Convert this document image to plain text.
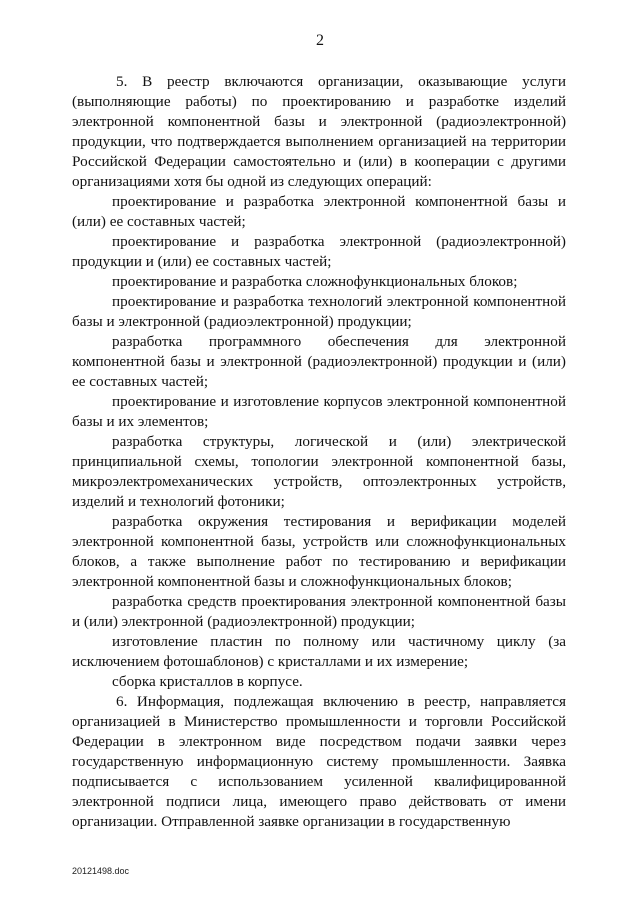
2

5. В реестр включаются организации, оказывающие услуги (выполняющие работы) по проектированию и разработке изделий электронной компонентной базы и электронной (радиоэлектронной) продукции, что подтверждается выполнением организацией на территории Российской Федерации самостоятельно и (или) в кооперации с другими организациями хотя бы одной из следующих операций:

проектирование и разработка электронной компонентной базы и (или) ее составных частей;

проектирование и разработка электронной (радиоэлектронной) продукции и (или) ее составных частей;

проектирование и разработка сложнофункциональных блоков;

проектирование и разработка технологий электронной компонентной базы и электронной (радиоэлектронной) продукции;

разработка программного обеспечения для электронной компонентной базы и электронной (радиоэлектронной) продукции и (или) ее составных частей;

проектирование и изготовление корпусов электронной компонентной базы и их элементов;

разработка структуры, логической и (или) электрической принципиальной схемы, топологии электронной компонентной базы, микроэлектромеханических устройств, оптоэлектронных устройств, изделий и технологий фотоники;

разработка окружения тестирования и верификации моделей электронной компонентной базы, устройств или сложнофункциональных блоков, а также выполнение работ по тестированию и верификации электронной компонентной базы и сложнофункциональных блоков;

разработка средств проектирования электронной компонентной базы и (или) электронной (радиоэлектронной) продукции;

изготовление пластин по полному или частичному циклу (за исключением фотошаблонов) с кристаллами и их измерение;

сборка кристаллов в корпусе.

6. Информация, подлежащая включению в реестр, направляется организацией в Министерство промышленности и торговли Российской Федерации в электронном виде посредством подачи заявки через государственную информационную систему промышленности. Заявка подписывается с использованием усиленной квалифицированной электронной подписи лица, имеющего право действовать от имени организации. Отправленной заявке организации в государственную

20121498.doc
